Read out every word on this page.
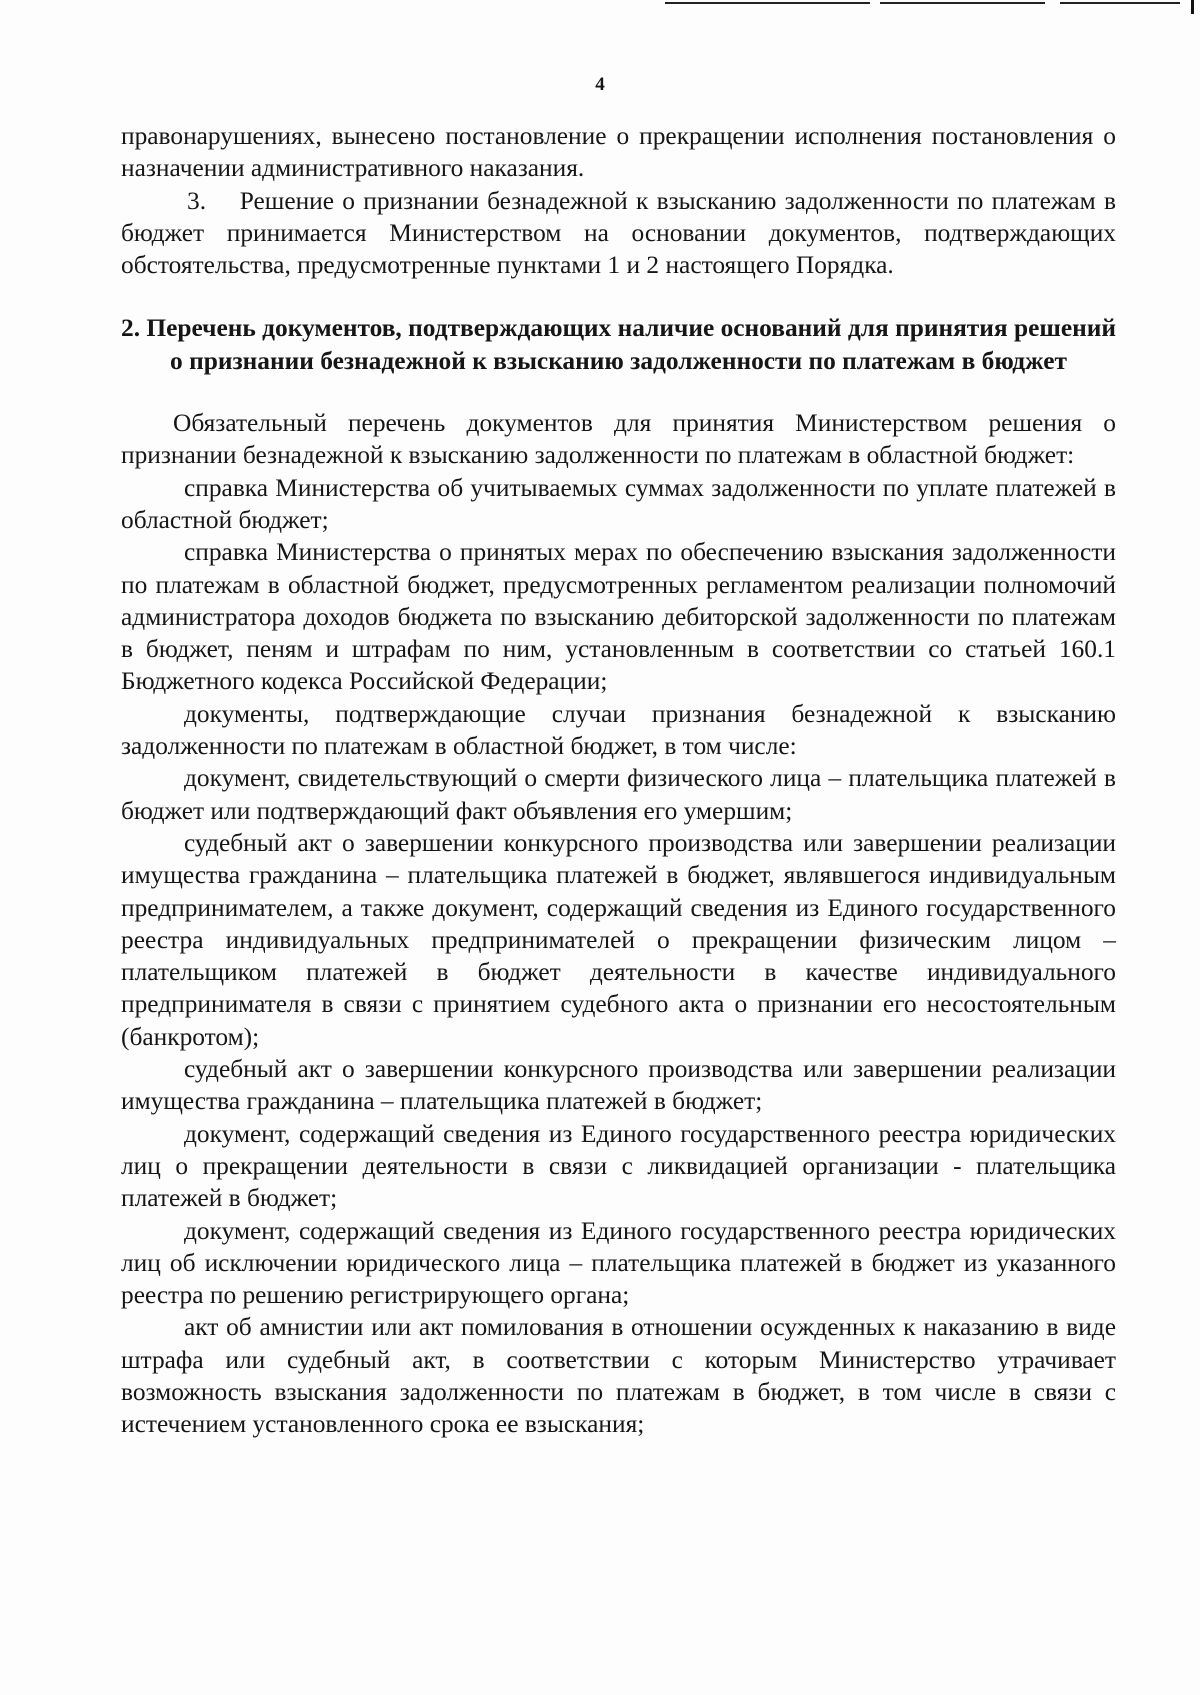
4

правонарушениях, вынесено постановление о прекращении исполнения постановления о назначении административного наказания.

3.  Решение о признании безнадежной к взысканию задолженности по платежам в бюджет принимается Министерством на основании документов, подтверждающих обстоятельства, предусмотренные пунктами 1 и 2 настоящего Порядка.

2. Перечень документов, подтверждающих наличие оснований для принятия решений о признании безнадежной к взысканию задолженности по платежам в бюджет

Обязательный перечень документов для принятия Министерством решения о признании безнадежной к взысканию задолженности по платежам в областной бюджет:

справка Министерства об учитываемых суммах задолженности по уплате платежей в областной бюджет;

справка Министерства о принятых мерах по обеспечению взыскания задолженности по платежам в областной бюджет, предусмотренных регламентом реализации полномочий администратора доходов бюджета по взысканию дебиторской задолженности по платежам в бюджет, пеням и штрафам по ним, установленным в соответствии со статьей 160.1 Бюджетного кодекса Российской Федерации;

документы, подтверждающие случаи признания безнадежной к взысканию задолженности по платежам в областной бюджет, в том числе:

документ, свидетельствующий о смерти физического лица – плательщика платежей в бюджет или подтверждающий факт объявления его умершим;

судебный акт о завершении конкурсного производства или завершении реализации имущества гражданина – плательщика платежей в бюджет, являвшегося индивидуальным предпринимателем, а также документ, содержащий сведения из Единого государственного реестра индивидуальных предпринимателей о прекращении физическим лицом – плательщиком платежей в бюджет деятельности в качестве индивидуального предпринимателя в связи с принятием судебного акта о признании его несостоятельным (банкротом);

судебный акт о завершении конкурсного производства или завершении реализации имущества гражданина – плательщика платежей в бюджет;

документ, содержащий сведения из Единого государственного реестра юридических лиц о прекращении деятельности в связи с ликвидацией организации - плательщика платежей в бюджет;

документ, содержащий сведения из Единого государственного реестра юридических лиц об исключении юридического лица – плательщика платежей в бюджет из указанного реестра по решению регистрирующего органа;

акт об амнистии или акт помилования в отношении осужденных к наказанию в виде штрафа или судебный акт, в соответствии с которым Министерство утрачивает возможность взыскания задолженности по платежам в бюджет, в том числе в связи с истечением установленного срока ее взыскания;
